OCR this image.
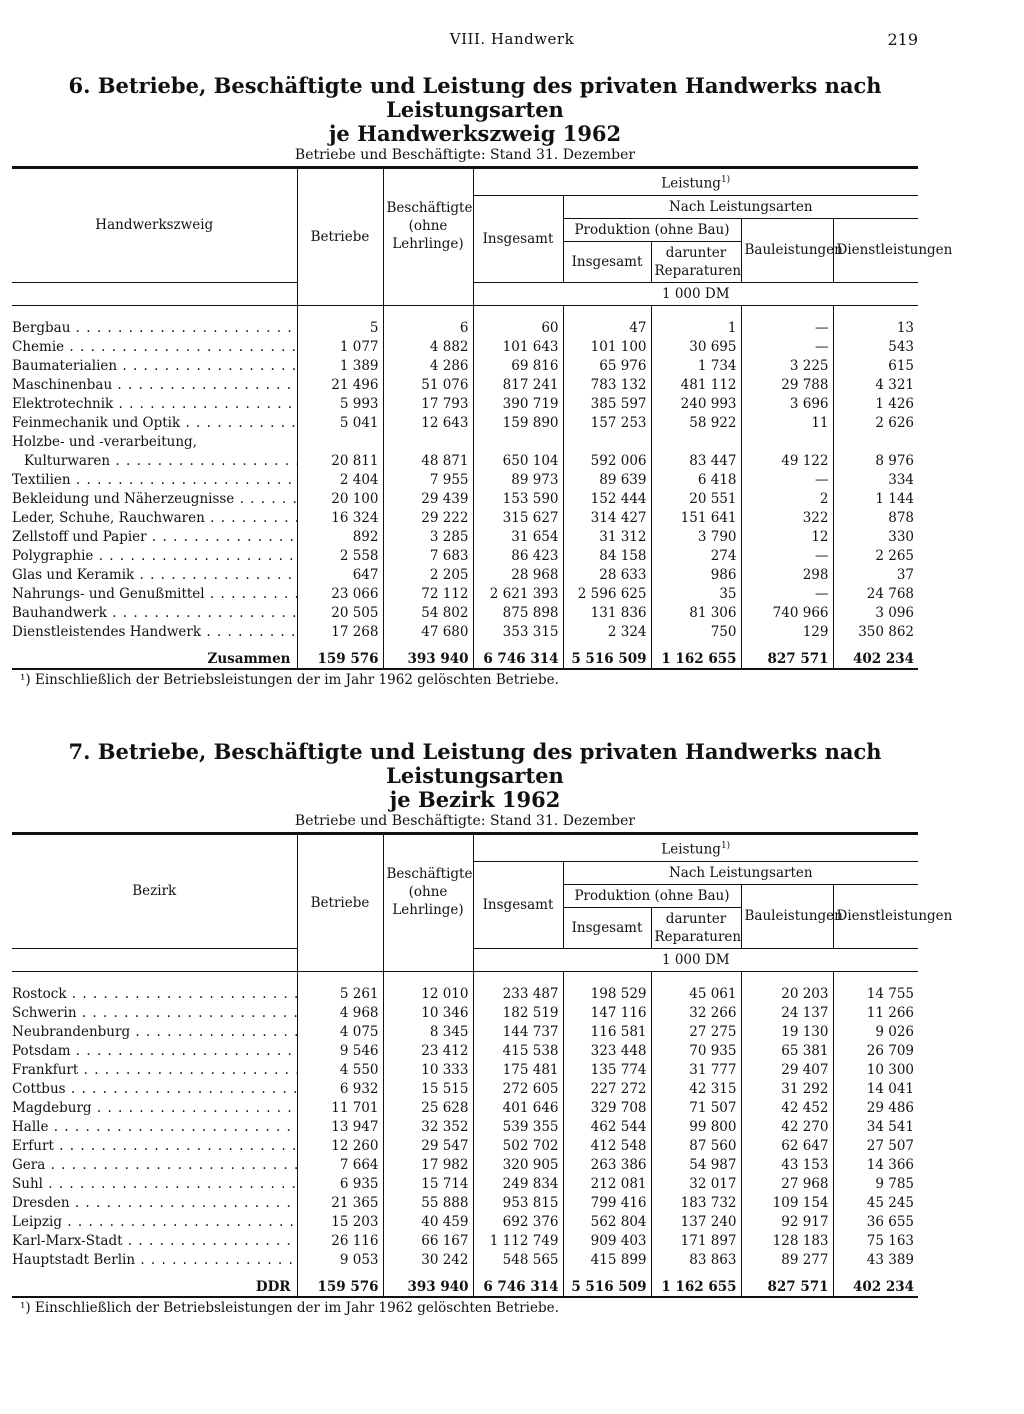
VIII. Handwerk	219
6. Betriebe, Beschäftigte und Leistung des privaten Handwerks nach Leistungsarten
je Handwerkszweig 1962
Betriebe und Beschäftigte: Stand 31. Dezember
Handwerkszweig	Betriebe	Beschäftigte (ohne Lehrlinge)	Leistung$^{1)}$
			Insgesamt	Nach Leistungsarten			
				Produktion (ohne Bau)		Bauleistungen	Dienstleistungen
				Insgesamt	darunter Reparaturen		
			1 000 DM				
Bergbau . . .	5	6	60	47	1	—	13
Chemie . . .	1 077	4 882	101 643	101 100	30 695	—	543
Baumaterialien . . .	1 389	4 286	69 816	65 976	1 734	3 225	615
Maschinenbau . . .	21 496	51 076	817 241	783 132	481 112	29 788	4 321
Elektrotechnik . . .	5 993	17 793	390 719	385 597	240 993	3 696	1 426
Feinmechanik und Optik . . .	5 041	12 643	159 890	157 253	58 922	11	2 626
Holzbe- und -verarbeitung,							
Kulturwaren . . .	20 811	48 871	650 104	592 006	83 447	49 122	8 976
Textilien . . .	2 404	7 955	89 973	89 639	6 418	—	334
Bekleidung und Näherzeugnisse . . .	20 100	29 439	153 590	152 444	20 551	2	1 144
Leder, Schuhe, Rauchwaren . . .	16 324	29 222	315 627	314 427	151 641	322	878
Zellstoff und Papier . . .	892	3 285	31 654	31 312	3 790	12	330
Polygraphie . . .	2 558	7 683	86 423	84 158	274	—	2 265
Glas und Keramik . . .	647	2 205	28 968	28 633	986	298	37
Nahrungs- und Genußmittel . . .	23 066	72 112	2 621 393	2 596 625	35	—	24 768
Bauhandwerk . . .	20 505	54 802	875 898	131 836	81 306	740 966	3 096
Dienstleistendes Handwerk . . .	17 268	47 680	353 315	2 324	750	129	350 862
Zusammen	159 576	393 940	6 746 314	5 516 509	1 162 655	827 571	402 234
¹) Einschließlich der Betriebsleistungen der im Jahr 1962 gelöschten Betriebe.
7. Betriebe, Beschäftigte und Leistung des privaten Handwerks nach Leistungsarten
je Bezirk 1962
Betriebe und Beschäftigte: Stand 31. Dezember
Bezirk	Betriebe	Beschäftigte (ohne Lehrlinge)	Leistung$^{1)}$
			Insgesamt	Nach Leistungsarten			
				Produktion (ohne Bau)		Bauleistungen	Dienstleistungen
				Insgesamt	darunter Reparaturen		
			1 000 DM				
Rostock . . .	5 261	12 010	233 487	198 529	45 061	20 203	14 755
Schwerin . . .	4 968	10 346	182 519	147 116	32 266	24 137	11 266
Neubrandenburg . . .	4 075	8 345	144 737	116 581	27 275	19 130	9 026
Potsdam . . .	9 546	23 412	415 538	323 448	70 935	65 381	26 709
Frankfurt . . .	4 550	10 333	175 481	135 774	31 777	29 407	10 300
Cottbus . . .	6 932	15 515	272 605	227 272	42 315	31 292	14 041
Magdeburg . . .	11 701	25 628	401 646	329 708	71 507	42 452	29 486
Halle . . .	13 947	32 352	539 355	462 544	99 800	42 270	34 541
Erfurt . . .	12 260	29 547	502 702	412 548	87 560	62 647	27 507
Gera . . .	7 664	17 982	320 905	263 386	54 987	43 153	14 366
Suhl . . .	6 935	15 714	249 834	212 081	32 017	27 968	9 785
Dresden . . .	21 365	55 888	953 815	799 416	183 732	109 154	45 245
Leipzig . . .	15 203	40 459	692 376	562 804	137 240	92 917	36 655
Karl-Marx-Stadt . . .	26 116	66 167	1 112 749	909 403	171 897	128 183	75 163
Hauptstadt Berlin . . .	9 053	30 242	548 565	415 899	83 863	89 277	43 389
DDR	159 576	393 940	6 746 314	5 516 509	1 162 655	827 571	402 234
¹) Einschließlich der Betriebsleistungen der im Jahr 1962 gelöschten Betriebe.
